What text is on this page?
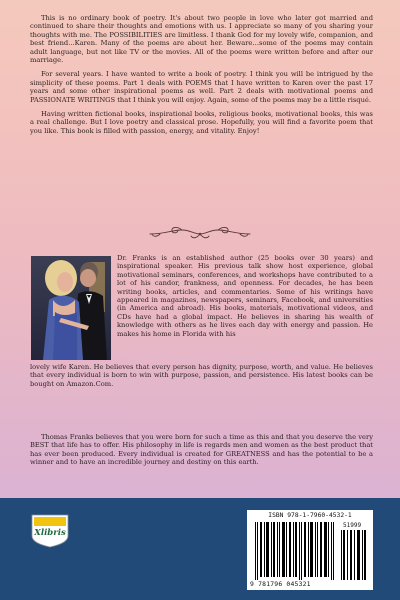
This is no ordinary book of poetry. It's about two people in love who later got married and continued to share their thoughts and emotions with us. I appreciate so many of you sharing your thoughts with me. The POSSIBILITIES are limitless. I thank God for my lovely wife, companion, and best friend...Karen. Many of the poems are about her. Beware…some of the poems may contain adult language, but not like TV or the movies. All of the poems were written before and after our marriage.

For several years. I have wanted to write a book of poetry. I think you will be intrigued by the simplicity of these poems. Part 1 deals with POEMS that I have written to Karen over the past 17 years and some other inspirational poems as well. Part 2 deals with motivational poems and PASSIONATE WRITINGS that I think you will enjoy. Again, some of the poems may be a little risqué.

Having written fictional books, inspirational books, religious books, motivational books, this was a real challenge. But I love poetry and classical prose. Hopefully, you will find a favorite poem that you like. This book is filled with passion, energy, and vitality. Enjoy!

Dr. Franks is an established author (25 books over 30 years) and inspirational speaker. His previous talk show host experience, global motivational seminars, conferences, and workshops have contributed to a lot of his candor, frankness, and openness. For decades, he has been writing books, articles, and commentaries. Some of his writings have appeared in magazines, newspapers, seminars, Facebook, and universities (in America and abroad). His books, materials, motivational videos, and CDs have had a global impact. He believes in sharing his wealth of knowledge with others as he lives each day with energy and passion. He makes his home in Florida with his
lovely wife Karen. He believes that every person has dignity, purpose, worth, and value. He believes that every individual is born to win with purpose, passion, and persistence. His latest books can be bought on Amazon.Com.
Thomas Franks believes that you were born for such a time as this and that you deserve the very BEST that life has to offer. His philosophy in life is regards men and women as the best product that has ever been produced. Every individual is created for GREATNESS and has the potential to be a winner and to have an incredible journey and destiny on this earth.
Xlibris
ISBN 978-1-7960-4532-1
51999
9 781796 045321
